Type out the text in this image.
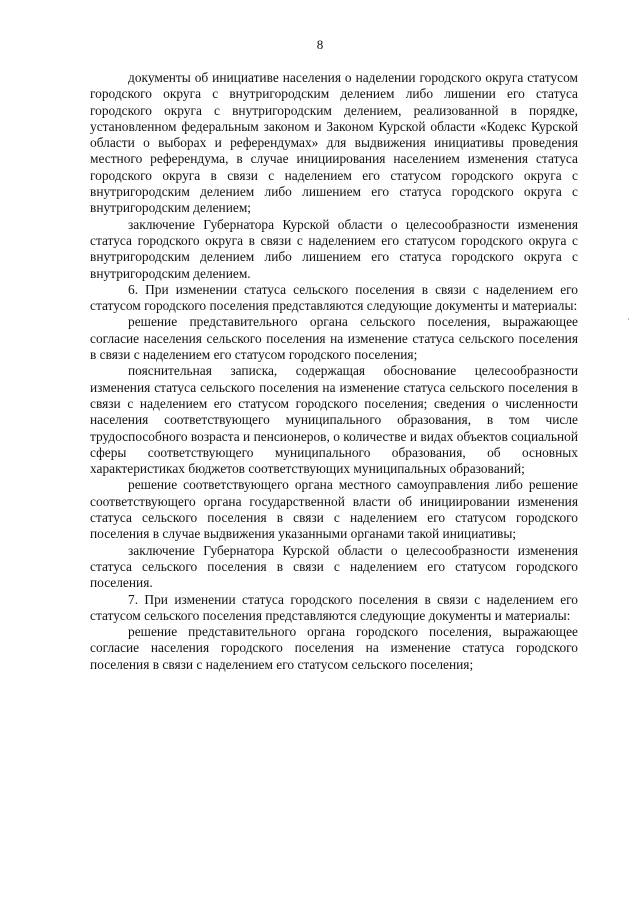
8

документы об инициативе населения о наделении городского округа статусом городского округа с внутригородским делением либо лишении его статуса городского округа с внутригородским делением, реализованной в порядке, установленном федеральным законом и Законом Курской области «Кодекс Курской области о выборах и референдумах» для выдвижения инициативы проведения местного референдума, в случае инициирования населением изменения статуса городского округа в связи с наделением его статусом городского округа с внутригородским делением либо лишением его статуса городского округа с внутригородским делением;

заключение Губернатора Курской области о целесообразности изменения статуса городского округа в связи с наделением его статусом городского округа с внутригородским делением либо лишением его статуса городского округа с внутригородским делением.

6. При изменении статуса сельского поселения в связи с наделением его статусом городского поселения представляются следующие документы и материалы:

решение представительного органа сельского поселения, выражающее согласие населения сельского поселения на изменение статуса сельского поселения в связи с наделением его статусом городского поселения;

пояснительная записка, содержащая обоснование целесообразности изменения статуса сельского поселения на изменение статуса сельского поселения в связи с наделением его статусом городского поселения; сведения о численности населения соответствующего муниципального образования, в том числе трудоспособного возраста и пенсионеров, о количестве и видах объектов социальной сферы соответствующего муниципального образования, об основных характеристиках бюджетов соответствующих муниципальных образований;

решение соответствующего органа местного самоуправления либо решение соответствующего органа государственной власти об инициировании изменения статуса сельского поселения в связи с наделением его статусом городского поселения в случае выдвижения указанными органами такой инициативы;

заключение Губернатора Курской области о целесообразности изменения статуса сельского поселения в связи с наделением его статусом городского поселения.

7. При изменении статуса городского поселения в связи с наделением его статусом сельского поселения представляются следующие документы и материалы:

решение представительного органа городского поселения, выражающее согласие населения городского поселения на изменение статуса городского поселения в связи с наделением его статусом сельского поселения;
